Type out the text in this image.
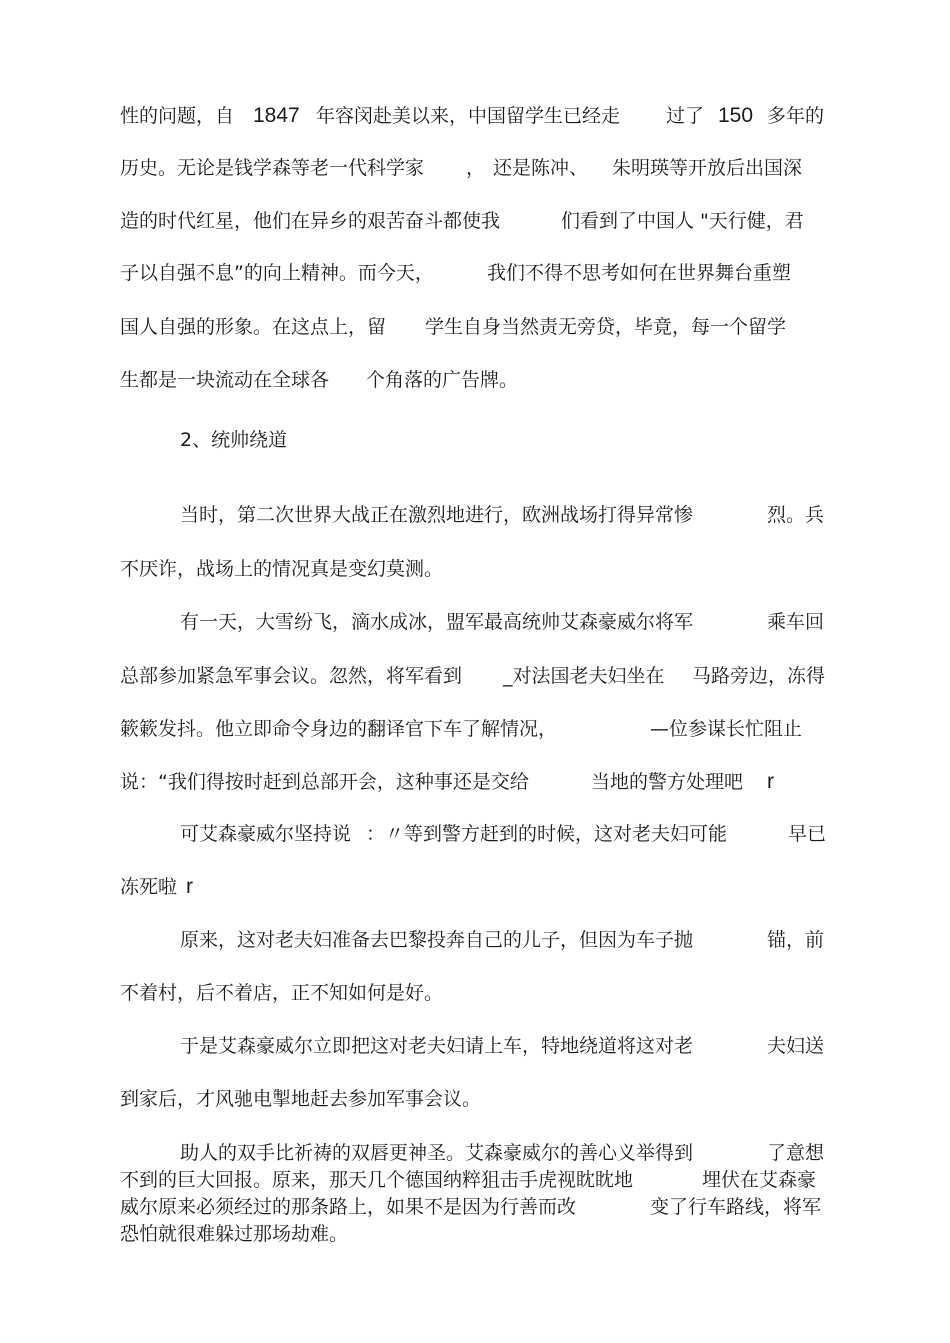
性的问题，自

1847

年容闵赴美以来，中国留学生已经走

过了

150

多年的

历史。无论是钱学森等老一代科学家

，

还是陈冲、

朱明瑛等开放后出国深

造的时代红星，他们在异乡的艰苦奋斗都使我

	们看到了中国人 "天行健，君

子以自强不息”的向上精神。而今天，

	我们不得不思考如何在世界舞台重塑

国人自强的形象。在这点上，留

学生自身当然责无旁贷，毕竟，每一个留学

生都是一块流动在全球各

个角落的广告牌。

2、统帅绕道

当时，第二次世界大战正在激烈地进行，欧洲战场打得异常惨

	烈。兵

不厌诈，战场上的情况真是变幻莫测。

有一天，大雪纷飞，滴水成冰，盟军最高统帅艾森豪威尔将军

	乘车回

总部参加紧急军事会议。忽然，将军看到

_对法国老夫妇坐在

马路旁边，冻得

簌簌发抖。他立即命令身边的翻译官下车了解情况，

	—位参谋长忙阻止

说：“我们得按时赶到总部开会，这种事还是交给

	当地的警方处理吧

r

可艾森豪威尔坚持说

：〃等到警方赶到的时候，这对老夫妇可能

	早已

冻死啦

r

原来，这对老夫妇准备去巴黎投奔自己的儿子，但因为车子抛

	锚，前

不着村，后不着店，正不知如何是好。

于是艾森豪威尔立即把这对老夫妇请上车，特地绕道将这对老

	夫妇送

到家后，才风驰电掣地赶去参加军事会议。

助人的双手比祈祷的双唇更神圣。艾森豪威尔的善心义举得到

	了意想

不到的巨大回报。原来，那天几个德国纳粹狙击手虎视眈眈地

	埋伏在艾森豪

威尔原来必须经过的那条路上，如果不是因为行善而改

	变了行车路线，将军

恐怕就很难躲过那场劫难。
